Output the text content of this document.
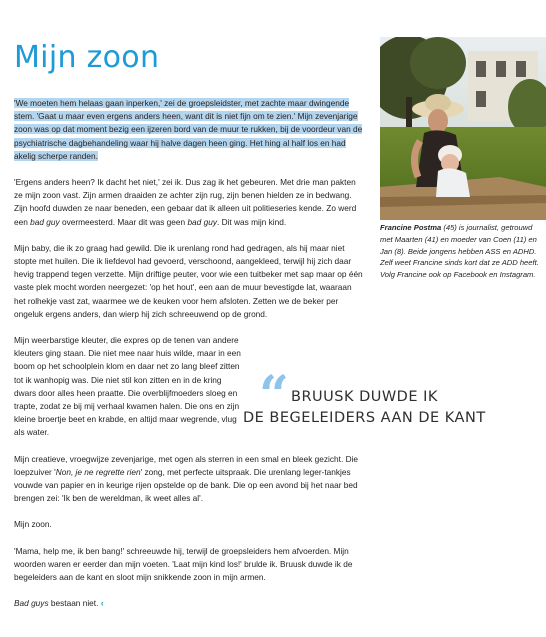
Mijn zoon
Francine Postma (45) is journalist, getrouwd met Maarten (41) en moeder van Coen (11) en Jan (8). Beide jongens hebben ASS en ADHD. Zelf weet Francine sinds kort dat ze ADD heeft. Volg Francine ook op Facebook en Instagram.

'We moeten hem helaas gaan inperken,' zei de groepsleidster, met zachte maar dwingende stem. 'Gaat u maar even ergens anders heen, want dit is niet fijn om te zien.' Mijn zevenjarige zoon was op dat moment bezig een ijzeren bord van de muur te rukken, bij de voordeur van de psychiatrische dagbehandeling waar hij halve dagen heen ging. Het hing al half los en had akelig scherpe randen.

'Ergens anders heen? Ik dacht het niet,' zei ik. Dus zag ik het gebeuren. Met drie man pakten ze mijn zoon vast. Zijn armen draaiden ze achter zijn rug, zijn benen hielden ze in bedwang. Zijn hoofd duwden ze naar beneden, een gebaar dat ik alleen uit politieseries kende. Zo werd een bad guy overmeesterd. Maar dit was geen bad guy. Dit was mijn kind.

Mijn baby, die ik zo graag had gewild. Die ik urenlang rond had gedragen, als hij maar niet stopte met huilen. Die ik liefdevol had gevoerd, verschoond, aangekleed, terwijl hij zich daar hevig trappend tegen verzette. Mijn driftige peuter, voor wie een tuitbeker met sap maar op één vaste plek mocht worden neergezet: 'op het hout', een aan de muur bevestigde lat, waaraan het rolhekje vast zat, waarmee we de keuken voor hem afsloten. Zetten we de beker per ongeluk ergens anders, dan wierp hij zich schreeuwend op de grond.

Mijn weerbarstige kleuter, die expres op de tenen van andere kleuters ging staan. Die niet mee naar huis wilde, maar in een boom op het schoolplein klom en daar net zo lang bleef zitten tot ik wanhopig was. Die niet stil kon zitten en in de kring dwars door alles heen praatte. Die overblijfmoeders sloeg en trapte, zodat ze bij mij verhaal kwamen halen. Die ons en zijn kleine broertje beet en krabde, en altijd maar wegrende, vlug als water.

Mijn creatieve, vroegwijze zevenjarige, met ogen als sterren in een smal en bleek gezicht. Die loepzuiver 'Non, je ne regrette rien' zong, met perfecte uitspraak. Die urenlang leger-tankjes vouwde van papier en in keurige rijen opstelde op de bank. Die op een avond bij het naar bed brengen zei: 'Ik ben de wereldman, ik weet alles al'.

Mijn zoon.

'Mama, help me, ik ben bang!' schreeuwde hij, terwijl de groepsleiders hem afvoerden. Mijn woorden waren er eerder dan mijn voeten. 'Laat mijn kind los!' brulde ik. Bruusk duwde ik de begeleiders aan de kant en sloot mijn snikkende zoon in mijn armen.

Bad guys bestaan niet. ‹

“ BRUUSK DUWDE IK
DE BEGELEIDERS AAN DE KANT
